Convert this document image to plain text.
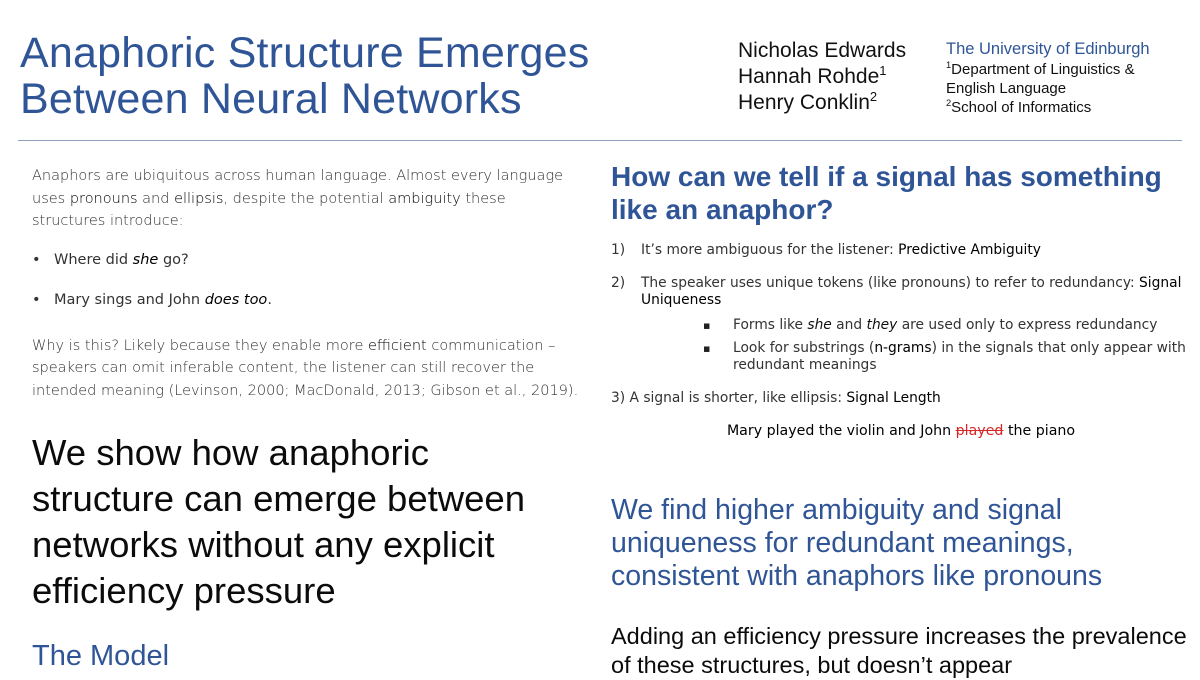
Anaphoric Structure Emerges
Between Neural Networks
Nicholas Edwards
Hannah Rohde$^1$
Henry Conklin$^2$
The University of Edinburgh
$^1$Department of Linguistics &
English Language
$^2$School of Informatics

Anaphors are ubiquitous across human language. Almost every language uses pronouns and ellipsis, despite the potential ambiguity these structures introduce:

• Where did she go?
• Mary sings and John does too.

Why is this? Likely because they enable more efficient communication – speakers can omit inferable content, the listener can still recover the intended meaning (Levinson, 2000; MacDonald, 2013; Gibson et al., 2019).

We show how anaphoric structure can emerge between networks without any explicit efficiency pressure
The Model
How can we tell if a signal has something like an anaphor?
1) It’s more ambiguous for the listener: Predictive Ambiguity
2) The speaker uses unique tokens (like pronouns) to refer to redundancy: Signal Uniqueness
▪ Forms like she and they are used only to express redundancy
▪ Look for substrings (n-grams) in the signals that only appear with redundant meanings
3) A signal is shorter, like ellipsis: Signal Length
Mary played the violin and John played the piano
We find higher ambiguity and signal uniqueness for redundant meanings, consistent with anaphors like pronouns
Adding an efficiency pressure increases the prevalence of these structures, but doesn’t appear
